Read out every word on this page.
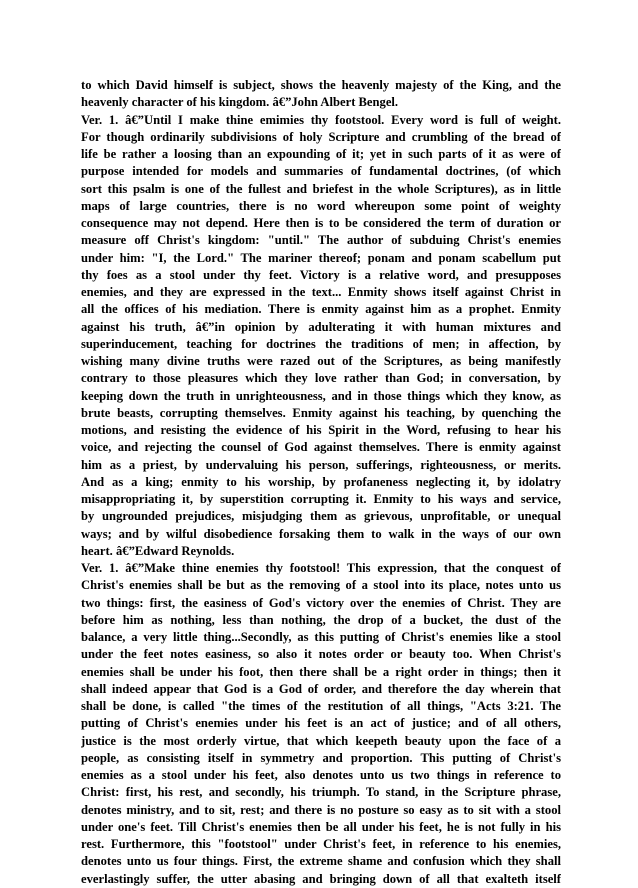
to which David himself is subject, shows the heavenly majesty of the King, and the
heavenly character of his kingdom. â€”John Albert Bengel.
Ver. 1. â€”Until I make thine emimies thy footstool. Every word is full of weight.
For though ordinarily subdivisions of holy Scripture and crumbling of the bread of
life be rather a loosing than an expounding of it; yet in such parts of it as were of
purpose intended for models and summaries of fundamental doctrines, (of which
sort this psalm is one of the fullest and briefest in the whole Scriptures), as in little
maps of large countries, there is no word whereupon some point of weighty
consequence may not depend. Here then is to be considered the term of duration or
measure off Christ's kingdom: "until." The author of subduing Christ's enemies
under him: "I, the Lord." The mariner thereof; ponam and ponam scabellum put
thy foes as a stool under thy feet. Victory is a relative word, and presupposes
enemies, and they are expressed in the text... Enmity shows itself against Christ in
all the offices of his mediation. There is enmity against him as a prophet. Enmity
against his truth, â€”in opinion by adulterating it with human mixtures and
superinducement, teaching for doctrines the traditions of men; in affection, by
wishing many divine truths were razed out of the Scriptures, as being manifestly
contrary to those pleasures which they love rather than God; in conversation, by
keeping down the truth in unrighteousness, and in those things which they know, as
brute beasts, corrupting themselves. Enmity against his teaching, by quenching the
motions, and resisting the evidence of his Spirit in the Word, refusing to hear his
voice, and rejecting the counsel of God against themselves. There is enmity against
him as a priest, by undervaluing his person, sufferings, righteousness, or merits.
And as a king; enmity to his worship, by profaneness neglecting it, by idolatry
misappropriating it, by superstition corrupting it. Enmity to his ways and service,
by ungrounded prejudices, misjudging them as grievous, unprofitable, or unequal
ways; and by wilful disobedience forsaking them to walk in the ways of our own
heart. â€”Edward Reynolds.
Ver. 1. â€”Make thine enemies thy footstool! This expression, that the conquest of
Christ's enemies shall be but as the removing of a stool into its place, notes unto us
two things: first, the easiness of God's victory over the enemies of Christ. They are
before him as nothing, less than nothing, the drop of a bucket, the dust of the
balance, a very little thing...Secondly, as this putting of Christ's enemies like a stool
under the feet notes easiness, so also it notes order or beauty too. When Christ's
enemies shall be under his foot, then there shall be a right order in things; then it
shall indeed appear that God is a God of order, and therefore the day wherein that
shall be done, is called "the times of the restitution of all things, "Acts 3:21. The
putting of Christ's enemies under his feet is an act of justice; and of all others,
justice is the most orderly virtue, that which keepeth beauty upon the face of a
people, as consisting itself in symmetry and proportion. This putting of Christ's
enemies as a stool under his feet, also denotes unto us two things in reference to
Christ: first, his rest, and secondly, his triumph. To stand, in the Scripture phrase,
denotes ministry, and to sit, rest; and there is no posture so easy as to sit with a stool
under one's feet. Till Christ's enemies then be all under his feet, he is not fully in his
rest. Furthermore, this "footstool" under Christ's feet, in reference to his enemies,
denotes unto us four things. First, the extreme shame and confusion which they shall
everlastingly suffer, the utter abasing and bringing down of all that exalteth itself
